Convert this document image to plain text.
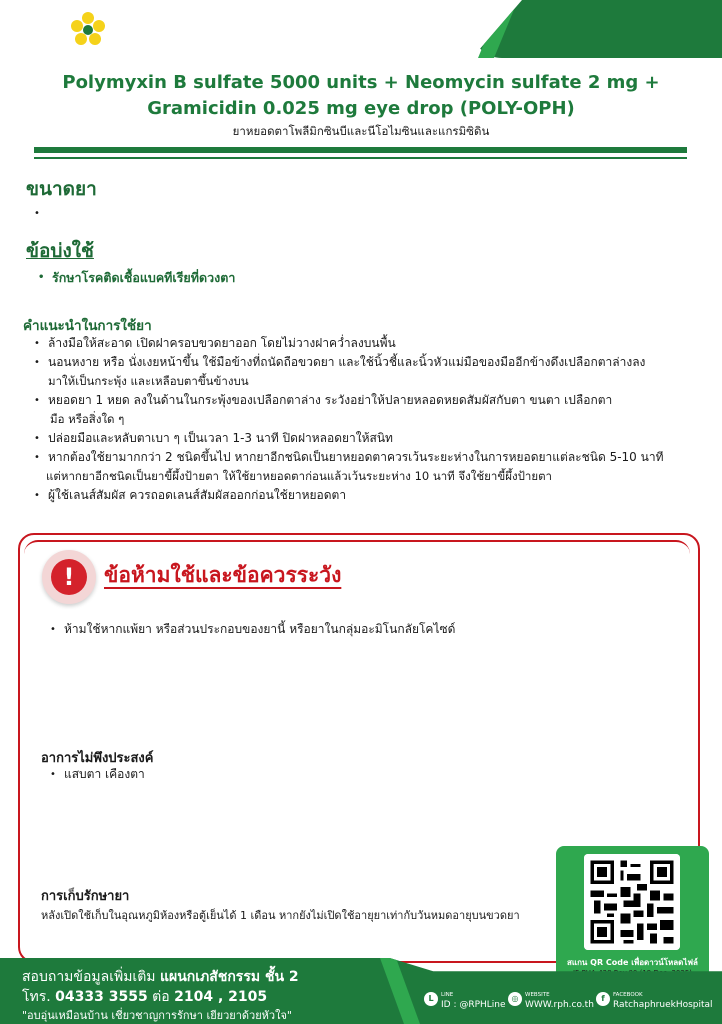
โรงพยาบาลราชพฤกษ์
Ratchaphruek Hospital
Polymyxin B sulfate 5000 units + Neomycin sulfate 2 mg +
Gramicidin 0.025 mg eye drop (POLY-OPH)
ยาหยอดตาโพลีมิกซินบีและนีโอไมซินและแกรมิซิดิน
ขนาดยา
ข้อบ่งใช้
• รักษาโรคติดเชื้อแบคทีเรียที่ดวงตา
คำแนะนำในการใช้ยา
• ล้างมือให้สะอาด เปิดฝาครอบขวดยาออก โดยไม่วางฝาคว่ำลงบนพื้น
• นอนหงาย หรือ นั่งเงยหน้าขึ้น ใช้มือข้างที่ถนัดถือขวดยา และใช้นิ้วชี้และนิ้วหัวแม่มือของมืออีกข้างดึงเปลือกตาล่างลง
มาให้เป็นกระพุ้ง และเหลือบตาขึ้นข้างบน
• หยอดยา 1 หยด ลงในด้านในกระพุ้งของเปลือกตาล่าง ระวังอย่าให้ปลายหลอดหยดสัมผัสกับตา ขนตา เปลือกตา
มือ หรือสิ่งใด ๆ
• ปล่อยมือและหลับตาเบา ๆ เป็นเวลา 1-3 นาที ปิดฝาหลอดยาให้สนิท
• หากต้องใช้ยามากกว่า 2 ชนิดขึ้นไป หากยาอีกชนิดเป็นยาหยอดตาควรเว้นระยะห่างในการหยอดยาแต่ละชนิด 5-10 นาที
แต่หากยาอีกชนิดเป็นยาขี้ผึ้งป้ายตา ให้ใช้ยาหยอดตาก่อนแล้วเว้นระยะห่าง 10 นาที จึงใช้ยาขี้ผึ้งป้ายตา
• ผู้ใช้เลนส์สัมผัส ควรถอดเลนส์สัมผัสออกก่อนใช้ยาหยอดตา
!	ข้อห้ามใช้และข้อควรระวัง
• ห้ามใช้หากแพ้ยา หรือส่วนประกอบของยานี้ หรือยาในกลุ่มอะมิโนกลัยโคไซด์
อาการไม่พึงประสงค์
• แสบตา เคืองตา
การเก็บรักษายา
หลังเปิดใช้เก็บในอุณหภูมิห้องหรือตู้เย็นได้ 1 เดือน หากยังไม่เปิดใช้อายุยาเท่ากับวันหมดอายุบนขวดยา
สแกน QR Code เพื่อดาวน์โหลดไฟล์
สอบถามข้อมูลเพิ่มเติม แผนกเภสัชกรรม ชั้น 2
โทร. 04333 3555 ต่อ 2104 , 2105
"อบอุ่นเหมือนบ้าน เชี่ยวชาญการรักษา เยียวยาด้วยหัวใจ"
L	LINE
ID : @RPHLine
◎	WEBSITE
WWW.rph.co.th
f	FACEBOOK
RatchaphruekHospital
